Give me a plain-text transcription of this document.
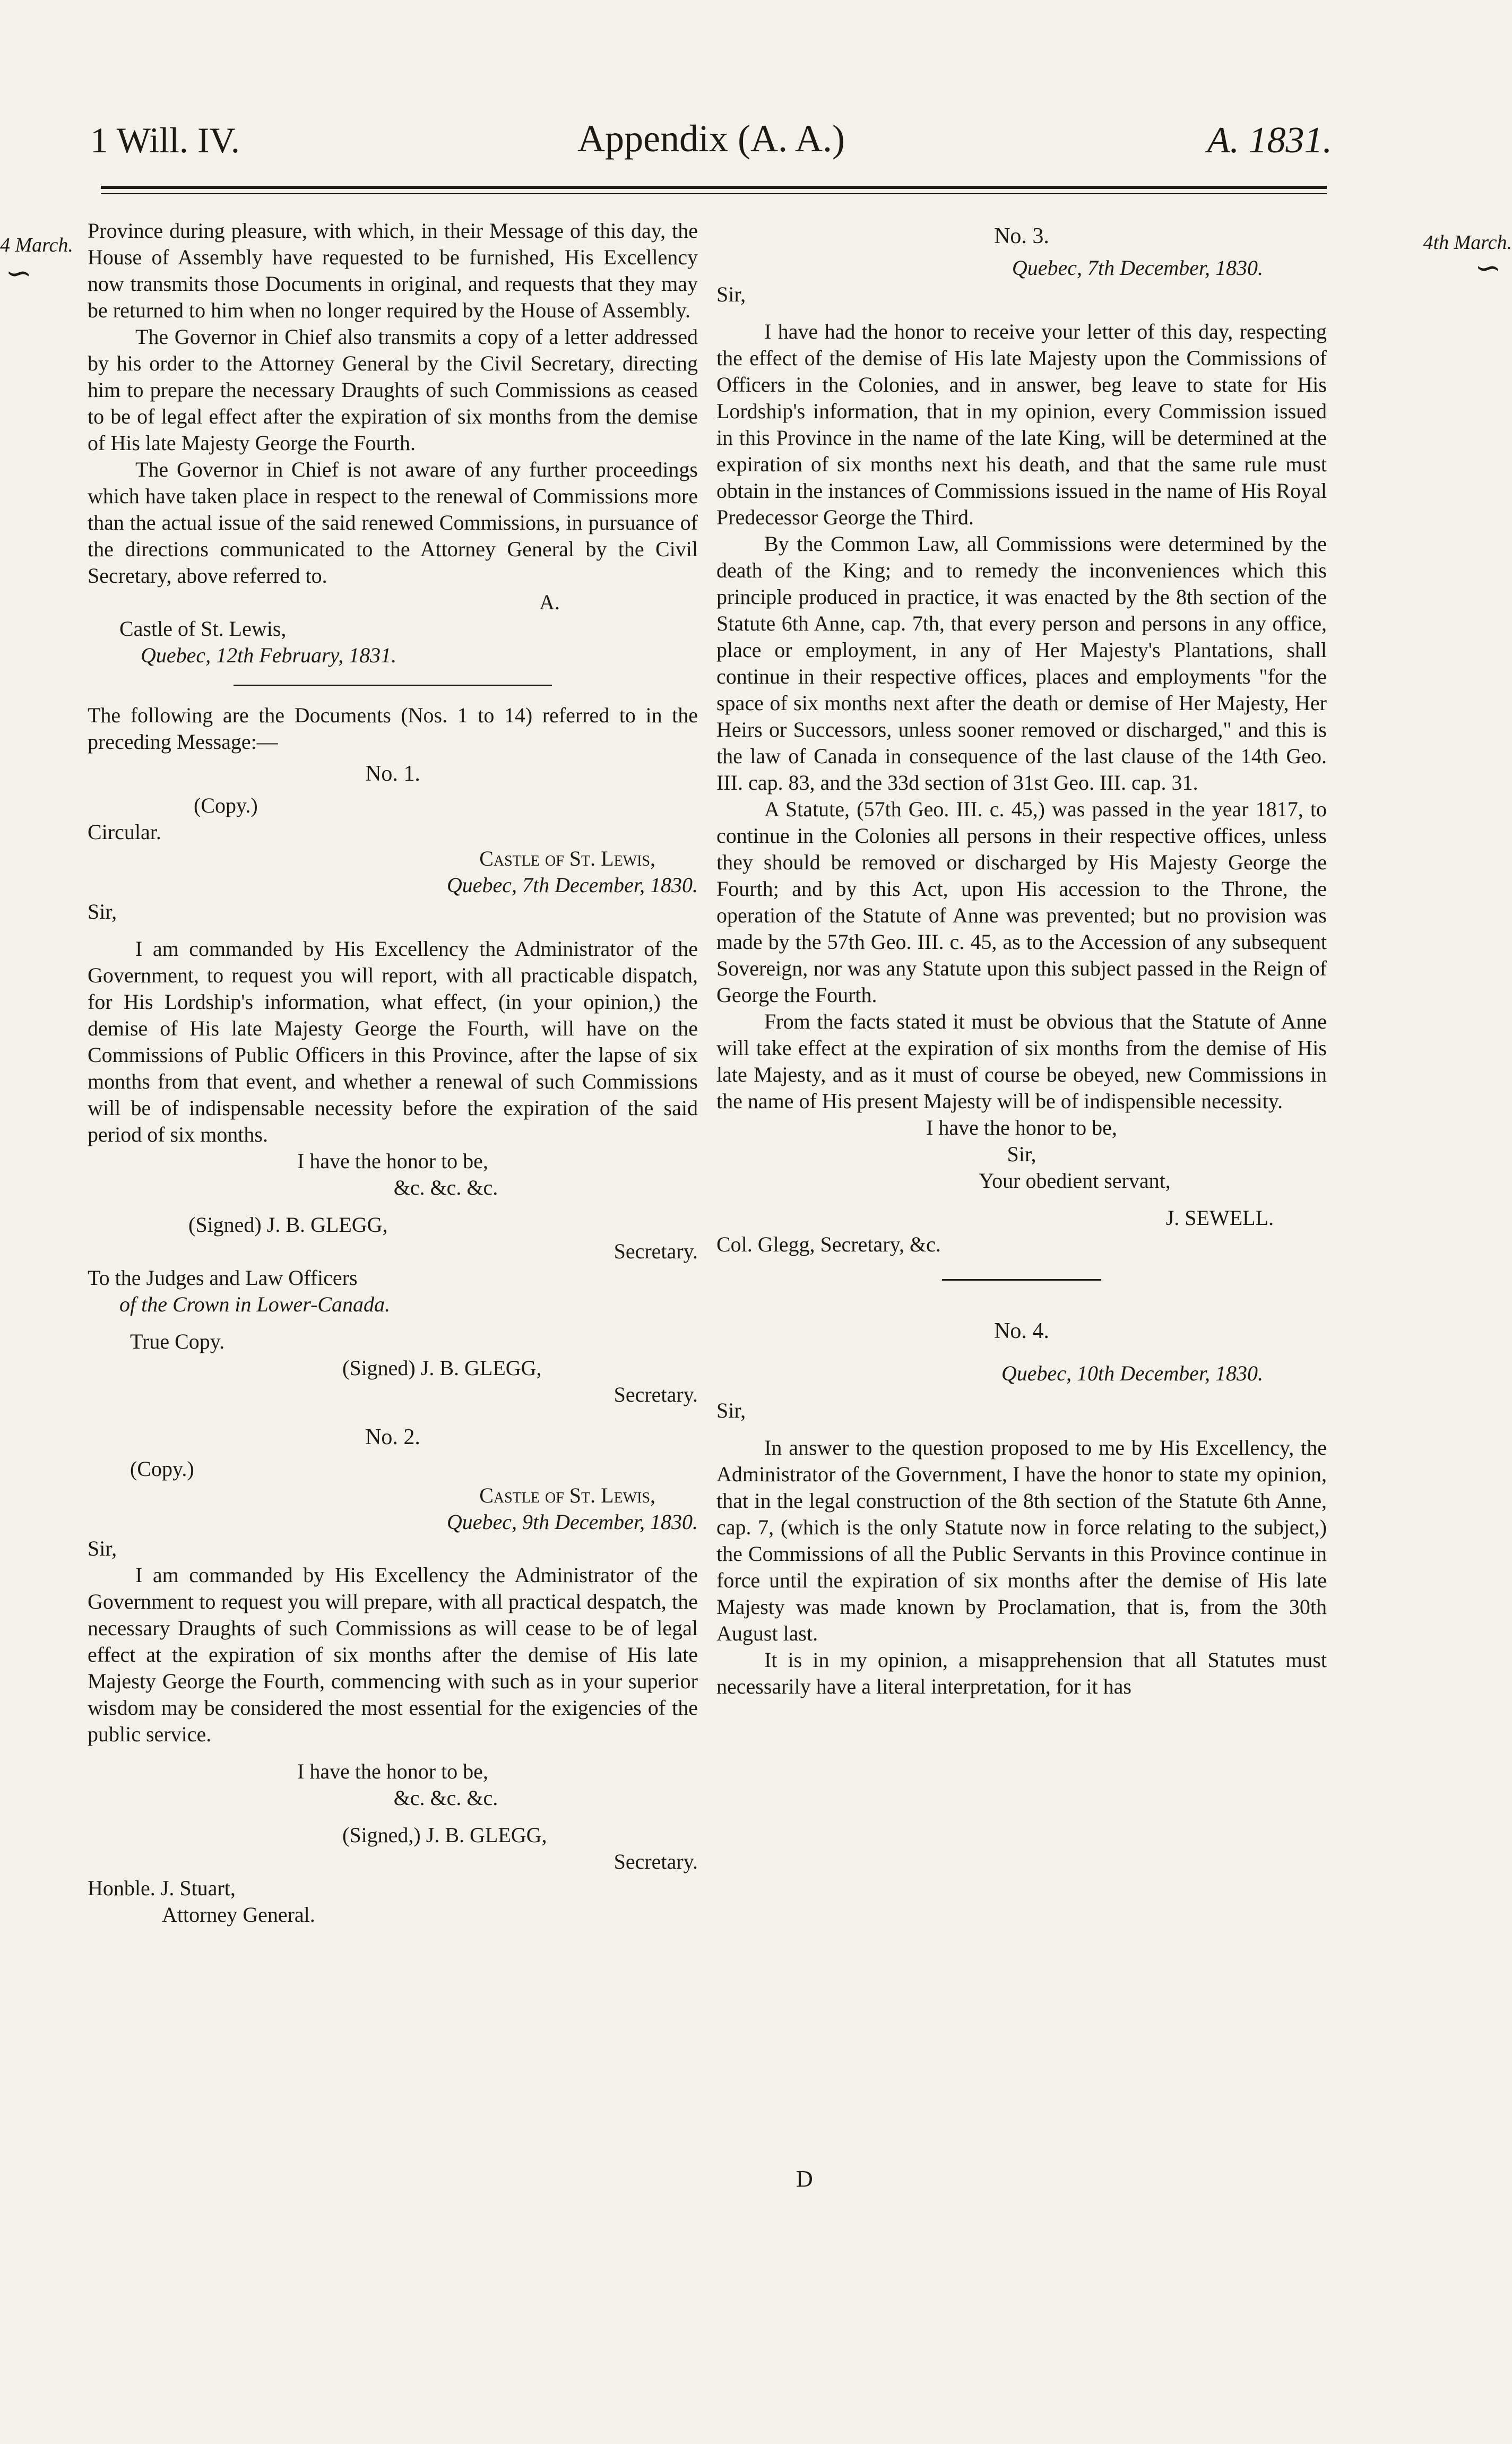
1 Will. IV.	Appendix (A. A.)	A. 1831.
4 March.
∽
4th March.
∽

Province during pleasure, with which, in their Message of this day, the House of Assembly have requested to be furnished, His Excellency now transmits those Documents in original, and requests that they may be returned to him when no longer required by the House of Assembly.

The Governor in Chief also transmits a copy of a letter addressed by his order to the Attorney General by the Civil Secretary, directing him to prepare the necessary Draughts of such Commissions as ceased to be of legal effect after the expiration of six months from the demise of His late Majesty George the Fourth.

The Governor in Chief is not aware of any further proceedings which have taken place in respect to the renewal of Commissions more than the actual issue of the said renewed Commissions, in pursuance of the directions communicated to the Attorney General by the Civil Secretary, above referred to.

A.

Castle of St. Lewis,

Quebec, 12th February, 1831.

The following are the Documents (Nos. 1 to 14) referred to in the preceding Message:—

No. 1.

(Copy.)

Circular.

Castle of St. Lewis,

Quebec, 7th December, 1830.

Sir,

I am commanded by His Excellency the Administrator of the Government, to request you will report, with all practicable dispatch, for His Lordship's information, what effect, (in your opinion,) the demise of His late Majesty George the Fourth, will have on the Commissions of Public Officers in this Province, after the lapse of six months from that event, and whether a renewal of such Commissions will be of indispensable necessity before the expiration of the said period of six months.

I have the honor to be,

&c. &c. &c.

(Signed) J. B. GLEGG,

Secretary.

To the Judges and Law Officers

of the Crown in Lower-Canada.

True Copy.

(Signed) J. B. GLEGG,

Secretary.

No. 2.

(Copy.)

Castle of St. Lewis,

Quebec, 9th December, 1830.

Sir,

I am commanded by His Excellency the Administrator of the Government to request you will prepare, with all practical despatch, the necessary Draughts of such Commissions as will cease to be of legal effect at the expiration of six months after the demise of His late Majesty George the Fourth, commencing with such as in your superior wisdom may be considered the most essential for the exigencies of the public service.

I have the honor to be,

&c. &c. &c.

(Signed,) J. B. GLEGG,

Secretary.

Honble. J. Stuart,

Attorney General.

No. 3.

Quebec, 7th December, 1830.

Sir,

I have had the honor to receive your letter of this day, respecting the effect of the demise of His late Majesty upon the Commissions of Officers in the Colonies, and in answer, beg leave to state for His Lordship's information, that in my opinion, every Commission issued in this Province in the name of the late King, will be determined at the expiration of six months next his death, and that the same rule must obtain in the instances of Commissions issued in the name of His Royal Predecessor George the Third.

By the Common Law, all Commissions were determined by the death of the King; and to remedy the inconveniences which this principle produced in practice, it was enacted by the 8th section of the Statute 6th Anne, cap. 7th, that every person and persons in any office, place or employment, in any of Her Majesty's Plantations, shall continue in their respective offices, places and employments "for the space of six months next after the death or demise of Her Majesty, Her Heirs or Successors, unless sooner removed or discharged," and this is the law of Canada in consequence of the last clause of the 14th Geo. III. cap. 83, and the 33d section of 31st Geo. III. cap. 31.

A Statute, (57th Geo. III. c. 45,) was passed in the year 1817, to continue in the Colonies all persons in their respective offices, unless they should be removed or discharged by His Majesty George the Fourth; and by this Act, upon His accession to the Throne, the operation of the Statute of Anne was prevented; but no provision was made by the 57th Geo. III. c. 45, as to the Accession of any subsequent Sovereign, nor was any Statute upon this subject passed in the Reign of George the Fourth.

From the facts stated it must be obvious that the Statute of Anne will take effect at the expiration of six months from the demise of His late Majesty, and as it must of course be obeyed, new Commissions in the name of His present Majesty will be of indispensible necessity.

I have the honor to be,

Sir,

Your obedient servant,

J. SEWELL.

Col. Glegg, Secretary, &c.

No. 4.

Quebec, 10th December, 1830.

Sir,

In answer to the question proposed to me by His Excellency, the Administrator of the Government, I have the honor to state my opinion, that in the legal construction of the 8th section of the Statute 6th Anne, cap. 7, (which is the only Statute now in force relating to the subject,) the Commissions of all the Public Servants in this Province continue in force until the expiration of six months after the demise of His late Majesty was made known by Proclamation, that is, from the 30th August last.

It is in my opinion, a misapprehension that all Statutes must necessarily have a literal interpretation, for it has

D
